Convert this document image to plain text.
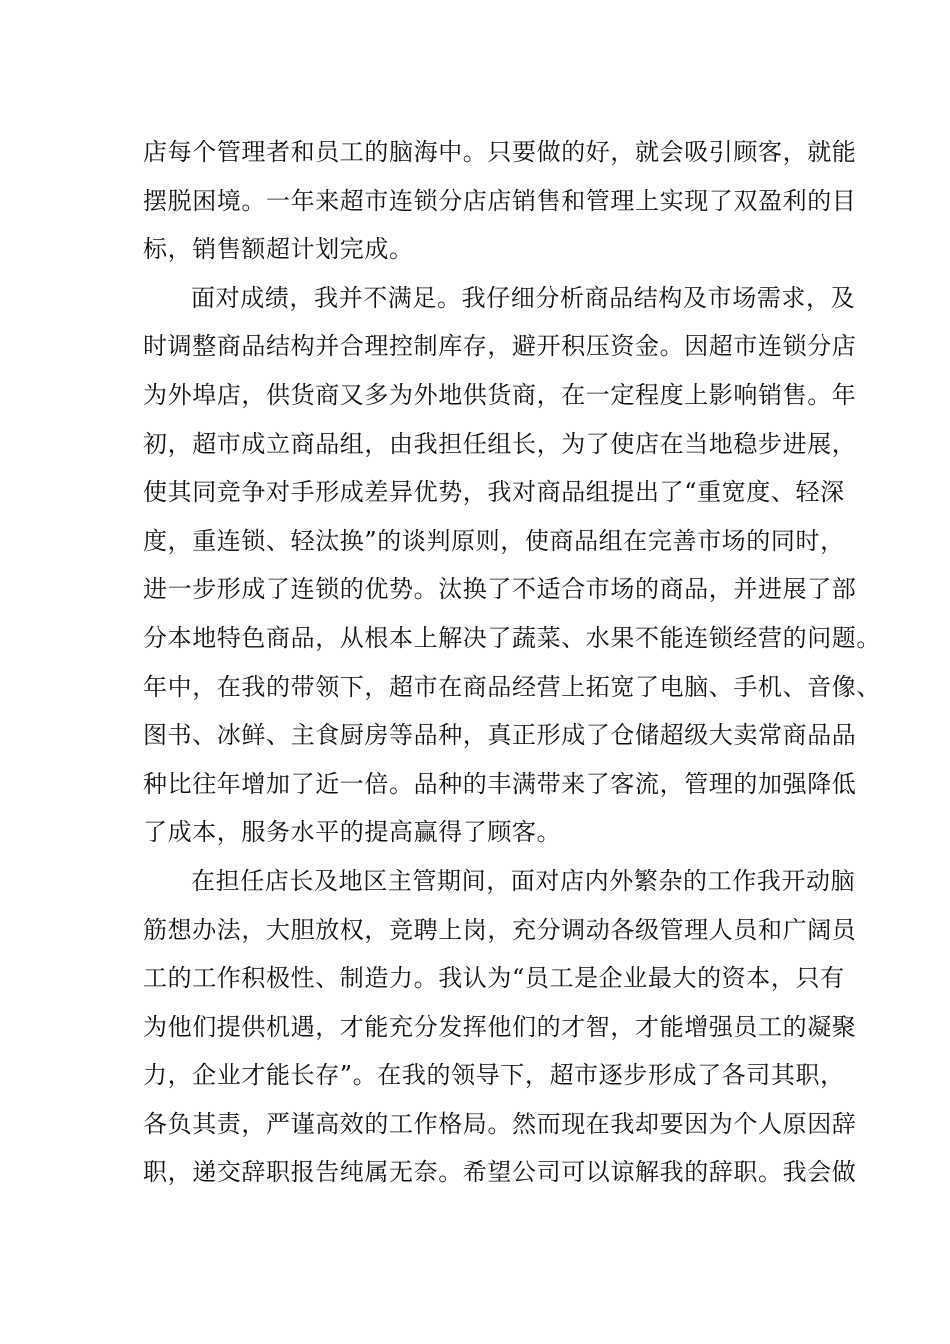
店每个管理者和员工的脑海中。只要做的好，就会吸引顾客，就能
摆脱困境。一年来超市连锁分店店销售和管理上实现了双盈利的目
标，销售额超计划完成。
面对成绩，我并不满足。我仔细分析商品结构及市场需求，及
时调整商品结构并合理控制库存，避开积压资金。因超市连锁分店
为外埠店，供货商又多为外地供货商，在一定程度上影响销售。年
初，超市成立商品组，由我担任组长，为了使店在当地稳步进展，
使其同竞争对手形成差异优势，我对商品组提出了“重宽度、轻深
度，重连锁、轻汰换”的谈判原则，使商品组在完善市场的同时，
进一步形成了连锁的优势。汰换了不适合市场的商品，并进展了部
分本地特色商品，从根本上解决了蔬菜、水果不能连锁经营的问题。
年中，在我的带领下，超市在商品经营上拓宽了电脑、手机、音像、
图书、冰鲜、主食厨房等品种，真正形成了仓储超级大卖常商品品
种比往年增加了近一倍。品种的丰满带来了客流，管理的加强降低
了成本，服务水平的提高赢得了顾客。
在担任店长及地区主管期间，面对店内外繁杂的工作我开动脑
筋想办法，大胆放权，竞聘上岗，充分调动各级管理人员和广阔员
工的工作积极性、制造力。我认为“员工是企业最大的资本，只有
为他们提供机遇，才能充分发挥他们的才智，才能增强员工的凝聚
力，企业才能长存”。在我的领导下，超市逐步形成了各司其职，
各负其责，严谨高效的工作格局。然而现在我却要因为个人原因辞
职，递交辞职报告纯属无奈。希望公司可以谅解我的辞职。我会做
